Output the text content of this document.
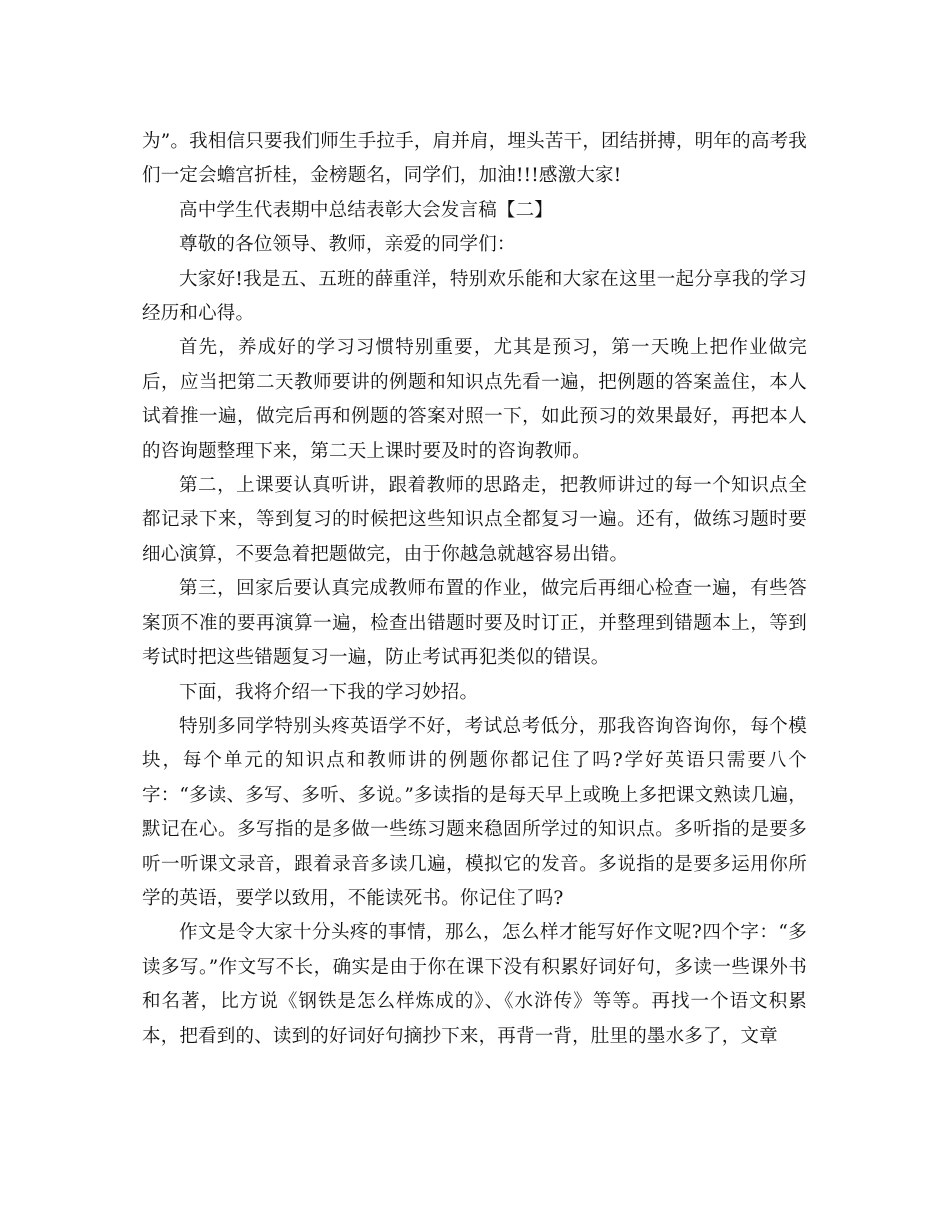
为”。我相信只要我们师生手拉手，肩并肩，埋头苦干，团结拼搏，明年的高考我们一定会蟾宫折桂，金榜题名，同学们，加油!!!感激大家!

高中学生代表期中总结表彰大会发言稿【二】

尊敬的各位领导、教师，亲爱的同学们：

大家好!我是五、五班的薛重洋，特别欢乐能和大家在这里一起分享我的学习经历和心得。

首先，养成好的学习习惯特别重要，尤其是预习，第一天晚上把作业做完后，应当把第二天教师要讲的例题和知识点先看一遍，把例题的答案盖住，本人试着推一遍，做完后再和例题的答案对照一下，如此预习的效果最好，再把本人的咨询题整理下来，第二天上课时要及时的咨询教师。

第二，上课要认真听讲，跟着教师的思路走，把教师讲过的每一个知识点全都记录下来，等到复习的时候把这些知识点全都复习一遍。还有，做练习题时要细心演算，不要急着把题做完，由于你越急就越容易出错。

第三，回家后要认真完成教师布置的作业，做完后再细心检查一遍，有些答案顶不准的要再演算一遍，检查出错题时要及时订正，并整理到错题本上，等到考试时把这些错题复习一遍，防止考试再犯类似的错误。

下面，我将介绍一下我的学习妙招。

特别多同学特别头疼英语学不好，考试总考低分，那我咨询咨询你，每个模块，每个单元的知识点和教师讲的例题你都记住了吗?学好英语只需要八个字：“多读、多写、多听、多说。”多读指的是每天早上或晚上多把课文熟读几遍，默记在心。多写指的是多做一些练习题来稳固所学过的知识点。多听指的是要多听一听课文录音，跟着录音多读几遍，模拟它的发音。多说指的是要多运用你所学的英语，要学以致用，不能读死书。你记住了吗?

作文是令大家十分头疼的事情，那么，怎么样才能写好作文呢?四个字：“多读多写。”作文写不长，确实是由于你在课下没有积累好词好句，多读一些课外书和名著，比方说《钢铁是怎么样炼成的》、《水浒传》等等。再找一个语文积累本，把看到的、读到的好词好句摘抄下来，再背一背，肚里的墨水多了，文章
